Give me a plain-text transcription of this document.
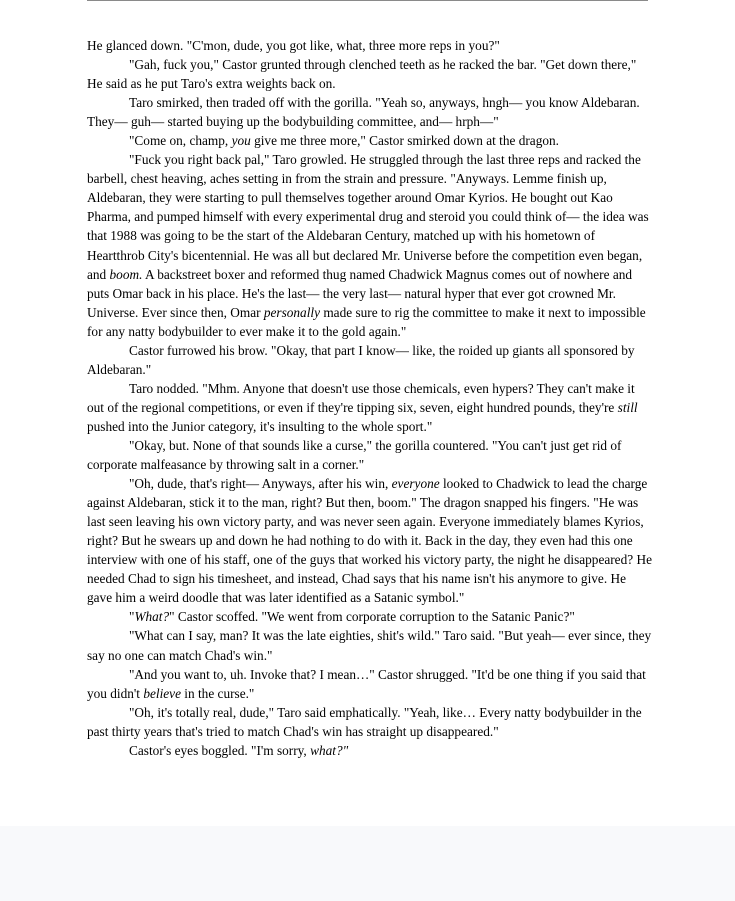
He glanced down. "C'mon, dude, you got like, what, three more reps in you?"

"Gah, fuck you," Castor grunted through clenched teeth as he racked the bar. "Get down there," He said as he put Taro's extra weights back on.

Taro smirked, then traded off with the gorilla. "Yeah so, anyways, hngh— you know Aldebaran. They— guh— started buying up the bodybuilding committee, and— hrph—"

"Come on, champ, you give me three more," Castor smirked down at the dragon.

"Fuck you right back pal," Taro growled. He struggled through the last three reps and racked the barbell, chest heaving, aches setting in from the strain and pressure. "Anyways. Lemme finish up, Aldebaran, they were starting to pull themselves together around Omar Kyrios. He bought out Kao Pharma, and pumped himself with every experimental drug and steroid you could think of— the idea was that 1988 was going to be the start of the Aldebaran Century, matched up with his hometown of Heartthrob City's bicentennial. He was all but declared Mr. Universe before the competition even began, and boom. A backstreet boxer and reformed thug named Chadwick Magnus comes out of nowhere and puts Omar back in his place. He's the last— the very last— natural hyper that ever got crowned Mr. Universe. Ever since then, Omar personally made sure to rig the committee to make it next to impossible for any natty bodybuilder to ever make it to the gold again."

Castor furrowed his brow. "Okay, that part I know— like, the roided up giants all sponsored by Aldebaran."

Taro nodded. "Mhm. Anyone that doesn't use those chemicals, even hypers? They can't make it out of the regional competitions, or even if they're tipping six, seven, eight hundred pounds, they're still pushed into the Junior category, it's insulting to the whole sport."

"Okay, but. None of that sounds like a curse," the gorilla countered. "You can't just get rid of corporate malfeasance by throwing salt in a corner."

"Oh, dude, that's right— Anyways, after his win, everyone looked to Chadwick to lead the charge against Aldebaran, stick it to the man, right? But then, boom." The dragon snapped his fingers. "He was last seen leaving his own victory party, and was never seen again. Everyone immediately blames Kyrios, right? But he swears up and down he had nothing to do with it. Back in the day, they even had this one interview with one of his staff, one of the guys that worked his victory party, the night he disappeared? He needed Chad to sign his timesheet, and instead, Chad says that his name isn't his anymore to give. He gave him a weird doodle that was later identified as a Satanic symbol."

"What?" Castor scoffed. "We went from corporate corruption to the Satanic Panic?"

"What can I say, man? It was the late eighties, shit's wild." Taro said. "But yeah— ever since, they say no one can match Chad's win."

"And you want to, uh. Invoke that? I mean…" Castor shrugged. "It'd be one thing if you said that you didn't believe in the curse."

"Oh, it's totally real, dude," Taro said emphatically. "Yeah, like… Every natty bodybuilder in the past thirty years that's tried to match Chad's win has straight up disappeared."

Castor's eyes boggled. "I'm sorry, what?"
